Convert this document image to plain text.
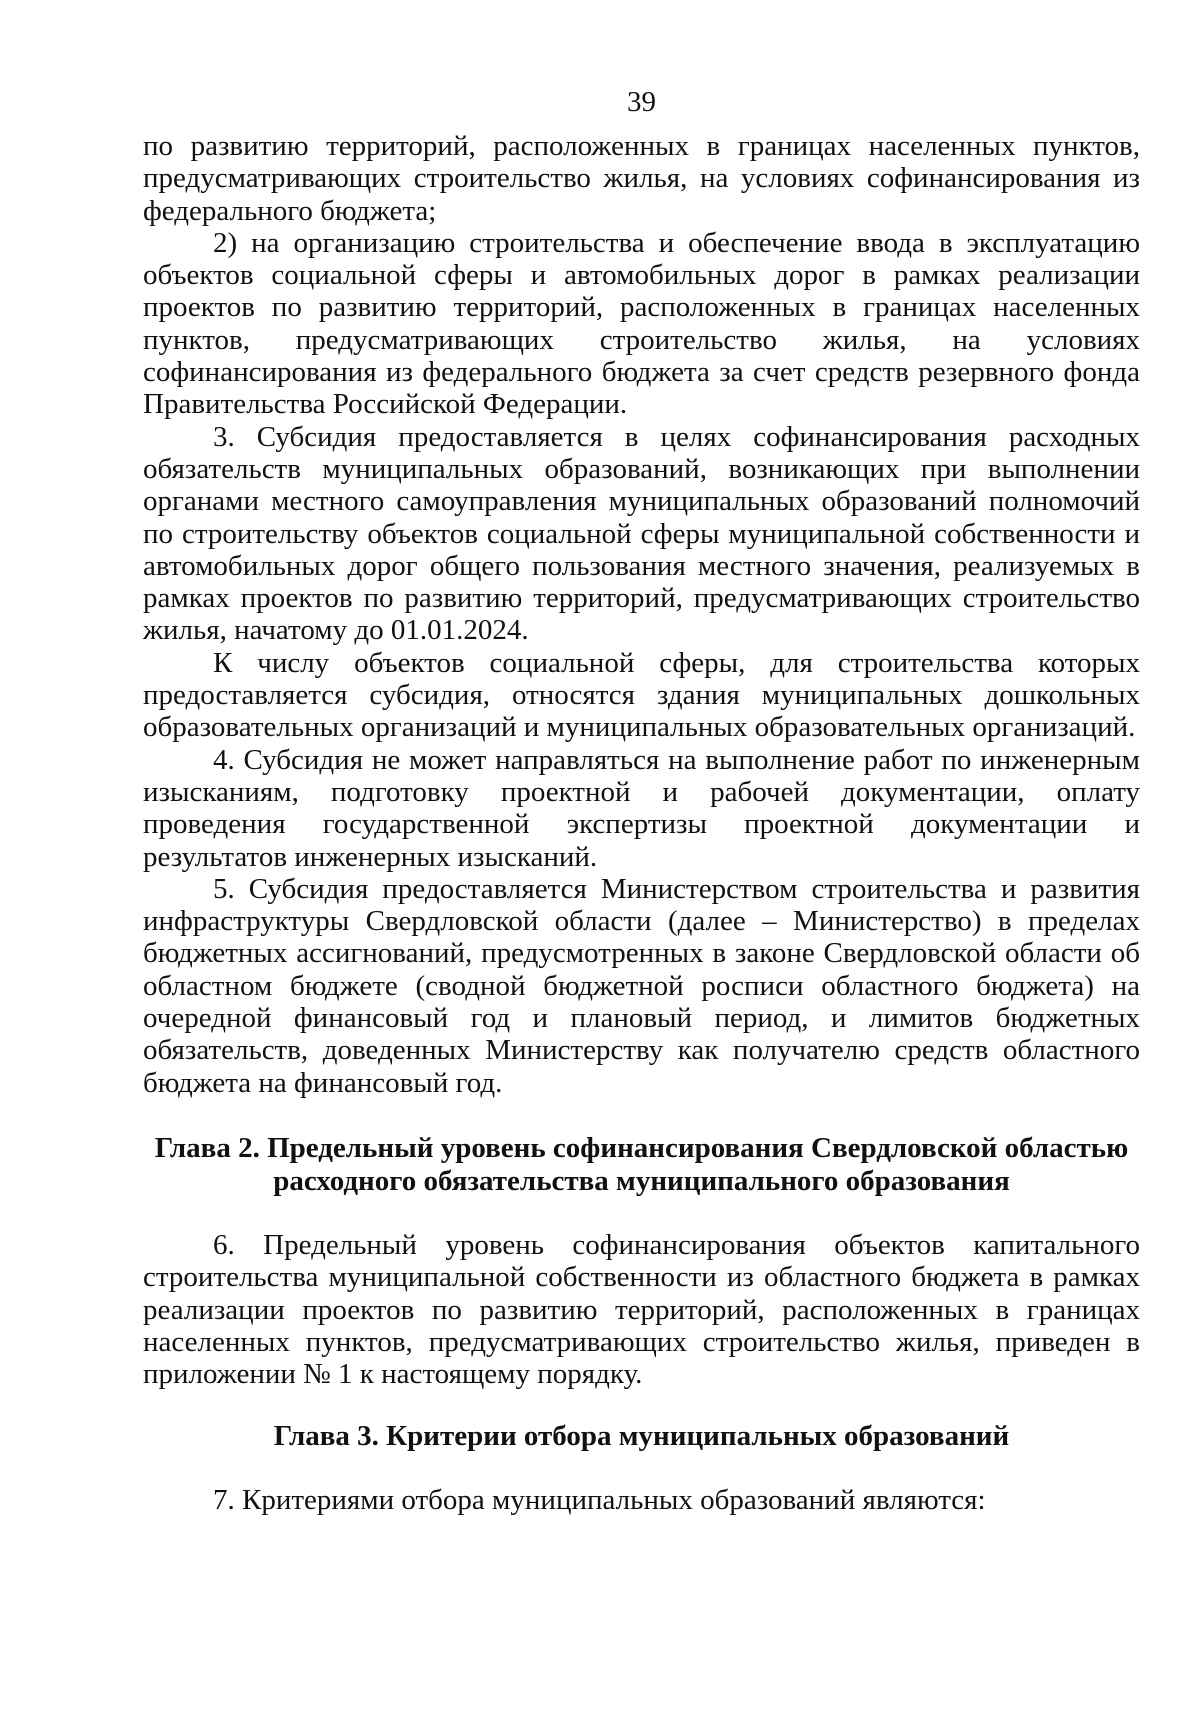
39

по развитию территорий, расположенных в границах населенных пунктов, предусматривающих строительство жилья, на условиях софинансирования из федерального бюджета;

2) на организацию строительства и обеспечение ввода в эксплуатацию объектов социальной сферы и автомобильных дорог в рамках реализации проектов по развитию территорий, расположенных в границах населенных пунктов, предусматривающих строительство жилья, на условиях софинансирования из федерального бюджета за счет средств резервного фонда Правительства Российской Федерации.

3. Субсидия предоставляется в целях софинансирования расходных обязательств муниципальных образований, возникающих при выполнении органами местного самоуправления муниципальных образований полномочий по строительству объектов социальной сферы муниципальной собственности и автомобильных дорог общего пользования местного значения, реализуемых в рамках проектов по развитию территорий, предусматривающих строительство жилья, начатому до 01.01.2024.

К числу объектов социальной сферы, для строительства которых предоставляется субсидия, относятся здания муниципальных дошкольных образовательных организаций и муниципальных образовательных организаций.

4. Субсидия не может направляться на выполнение работ по инженерным изысканиям, подготовку проектной и рабочей документации, оплату проведения государственной экспертизы проектной документации и результатов инженерных изысканий.

5. Субсидия предоставляется Министерством строительства и развития инфраструктуры Свердловской области (далее – Министерство) в пределах бюджетных ассигнований, предусмотренных в законе Свердловской области об областном бюджете (сводной бюджетной росписи областного бюджета) на очередной финансовый год и плановый период, и лимитов бюджетных обязательств, доведенных Министерству как получателю средств областного бюджета на финансовый год.

Глава 2. Предельный уровень софинансирования Свердловской областью
расходного обязательства муниципального образования

6. Предельный уровень софинансирования объектов капитального строительства муниципальной собственности из областного бюджета в рамках реализации проектов по развитию территорий, расположенных в границах населенных пунктов, предусматривающих строительство жилья, приведен в приложении № 1 к настоящему порядку.

Глава 3. Критерии отбора муниципальных образований

7. Критериями отбора муниципальных образований являются:
